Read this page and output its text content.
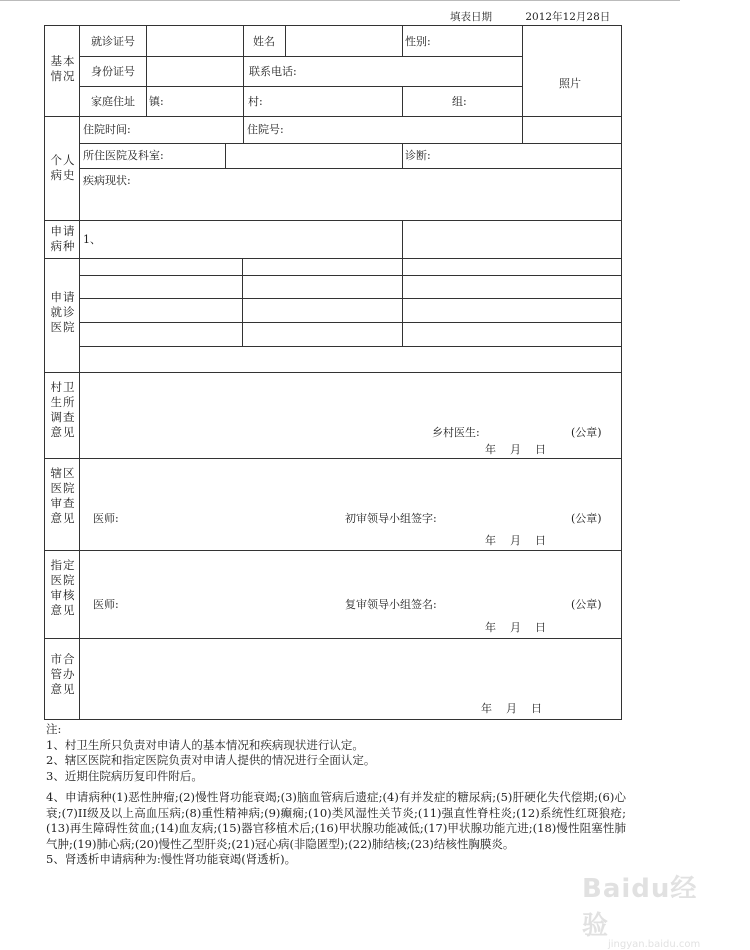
填表日期	2012年12月28日
基本
情况
就诊证号	姓名	性别:
身份证号	联系电话:
家庭住址 镇:	村:	组:
照片
个人
病史
住院时间:	住院号:
所住医院及科室:	诊断:
疾病现状:
申请
病种 1、
申请
就诊
医院
村卫
生所
调查
意见	乡村医生:	(公章)
年    月    日
辖区
医院
审查
意见	医师:	初审领导小组签字:	(公章)
年    月    日
指定
医院
审核
意见	医师:	复审领导小组签名:	(公章)
年    月    日
市合
管办
意见
年    月    日

注:

1、村卫生所只负责对申请人的基本情况和疾病现状进行认定。

2、辖区医院和指定医院负责对申请人提供的情况进行全面认定。

3、近期住院病历复印件附后。

4、申请病种(1)恶性肿瘤;(2)慢性肾功能衰竭;(3)脑血管病后遗症;(4)有并发症的糖尿病;(5)肝硬化失代偿期;(6)心衰;(7)II级及以上高血压病;(8)重性精神病;(9)癫痫;(10)类风湿性关节炎;(11)强直性脊柱炎;(12)系统性红斑狼疮;(13)再生障碍性贫血;(14)血友病;(15)器官移植术后;(16)甲状腺功能减低;(17)甲状腺功能亢进;(18)慢性阻塞性肺气肿;(19)肺心病;(20)慢性乙型肝炎;(21)冠心病(非隐匿型);(22)肺结核;(23)结核性胸膜炎。

5、肾透析申请病种为:慢性肾功能衰竭(肾透析)。

Baidu经验
jingyan.baidu.com
